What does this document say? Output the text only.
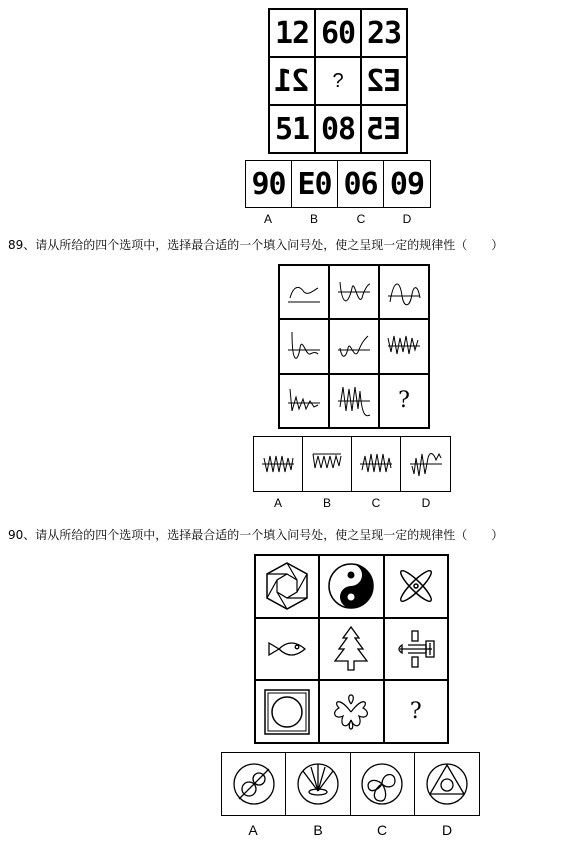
12 60 23
21 ? E2
51 08 E5
90 E0 06 09
A	B	C	D
89、请从所给的四个选项中，选择最合适的一个填入问号处，使之呈现一定的规律性（　　）
?
A	B	C	D
90、请从所给的四个选项中，选择最合适的一个填入问号处，使之呈现一定的规律性（　　）
?
A	B	C	D
